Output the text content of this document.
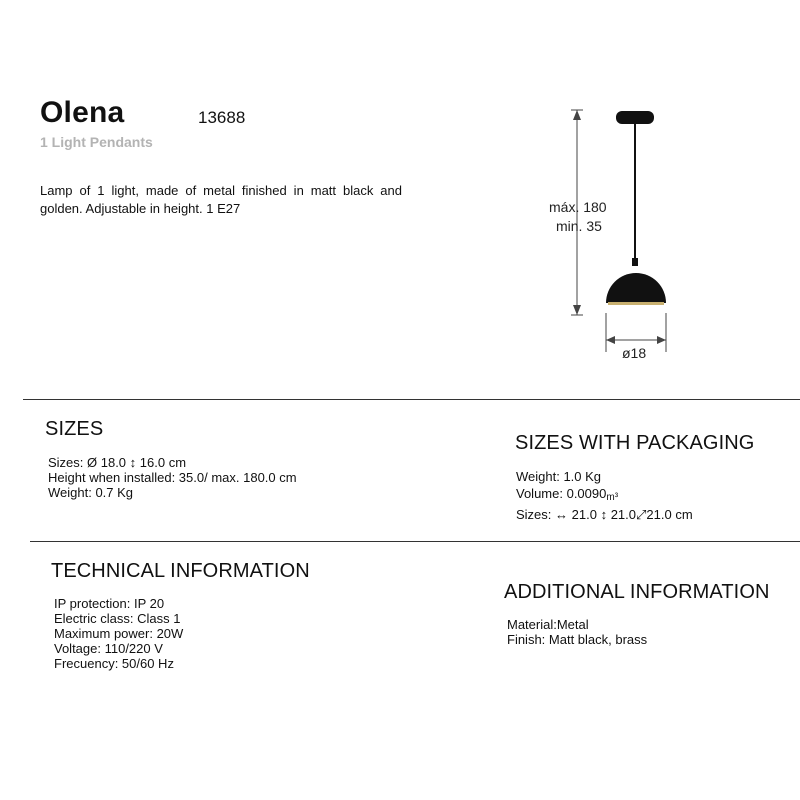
Olena	13688
1 Light Pendants
Lamp of 1 light, made of metal finished in matt black and golden. Adjustable in height. 1 E27	máx. 180
min. 35
ø18
SIZES
Sizes: Ø 18.0 ↕ 16.0 cm
Height when installed: 35.0/ max. 180.0 cm
Weight: 0.7 Kg
SIZES WITH PACKAGING
Weight: 1.0 Kg
Volume: 0.0090m³
Sizes: ↔ 21.0 ↕ 21.0⤢21.0 cm
TECHNICAL INFORMATION
IP protection: IP 20
Electric class: Class 1
Maximum power: 20W
Voltage: 110/220 V
Frecuency: 50/60 Hz
ADDITIONAL INFORMATION
Material:Metal
Finish: Matt black, brass
